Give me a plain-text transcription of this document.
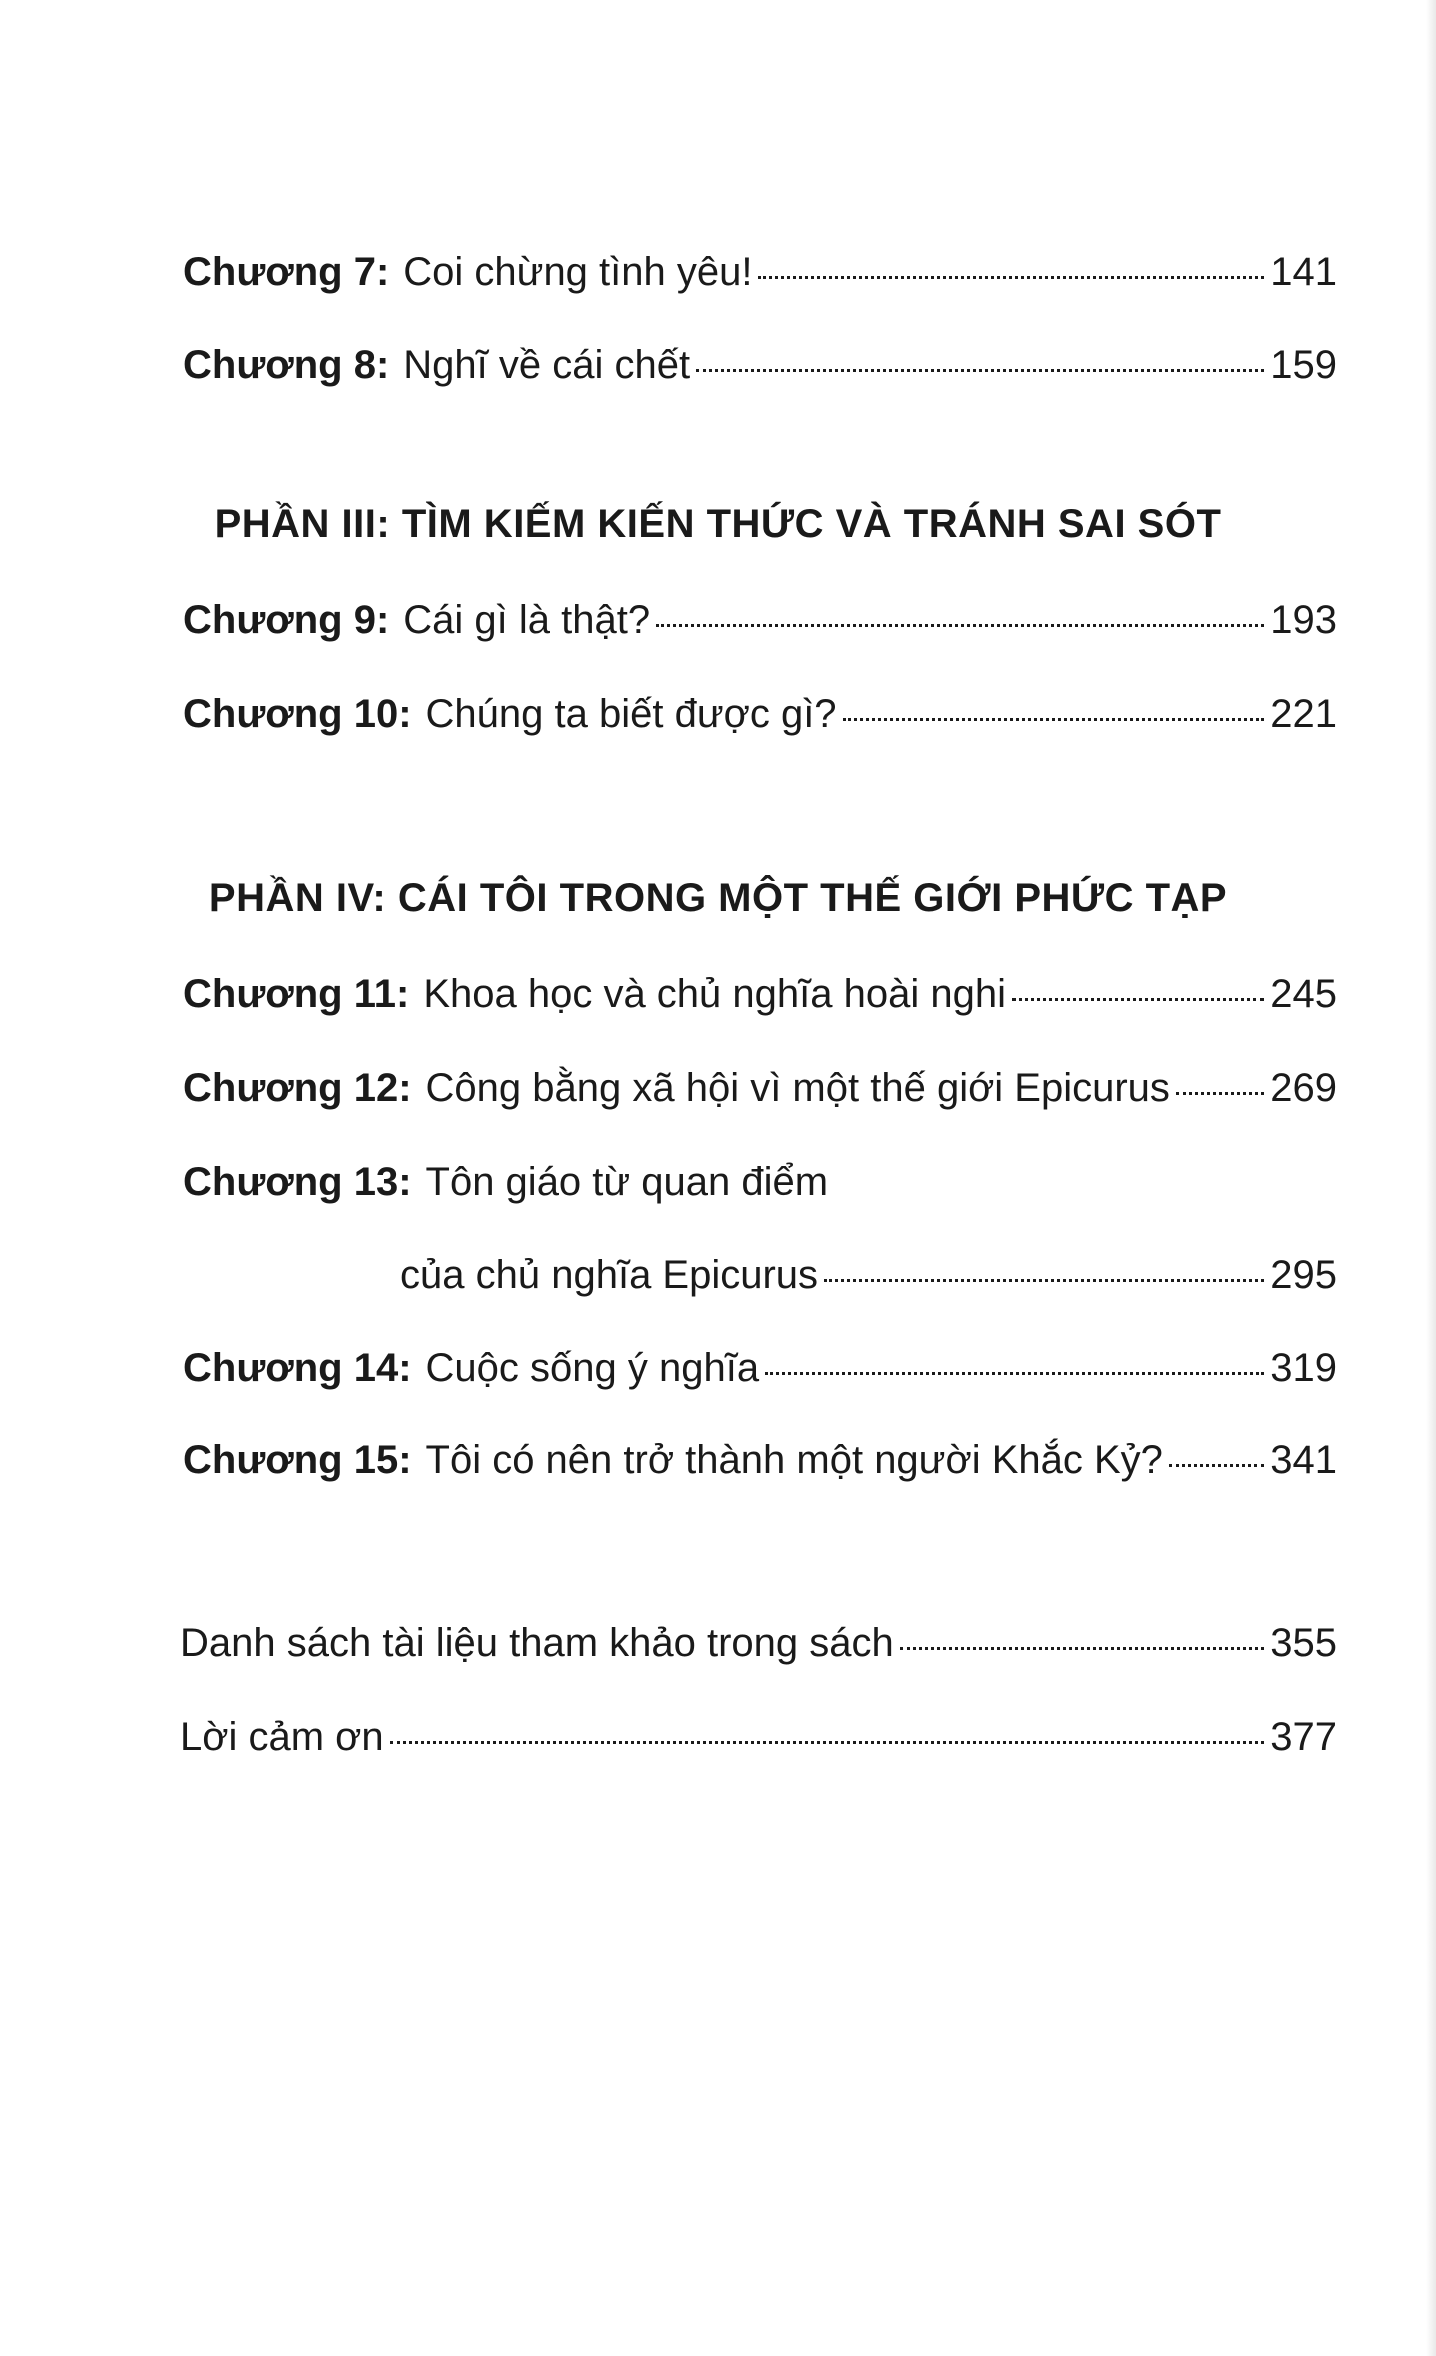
Chương 7: Coi chừng tình yêu!	141
Chương 8: Nghĩ về cái chết	159
PHẦN III: TÌM KIẾM KIẾN THỨC VÀ TRÁNH SAI SÓT
Chương 9: Cái gì là thật?	193
Chương 10: Chúng ta biết được gì?	221
PHẦN IV: CÁI TÔI TRONG MỘT THẾ GIỚI PHỨC TẠP
Chương 11: Khoa học và chủ nghĩa hoài nghi	245
Chương 12: Công bằng xã hội vì một thế giới Epicurus	269
Chương 13: Tôn giáo từ quan điểm
của chủ nghĩa Epicurus	295
Chương 14: Cuộc sống ý nghĩa	319
Chương 15: Tôi có nên trở thành một người Khắc Kỷ?	341
Danh sách tài liệu tham khảo trong sách	355
Lời cảm ơn	377
